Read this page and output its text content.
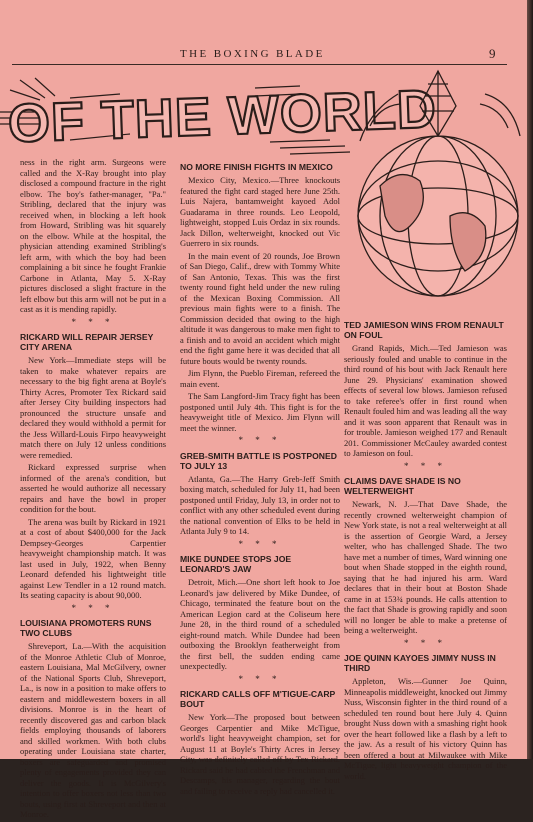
THE BOXING BLADE	9
OF THE WORLD

ness in the right arm. Surgeons were called and the X-Ray brought into play disclosed a compound fracture in the right elbow. The boy's father-manager, "Pa." Stribling, declared that the injury was received when, in blocking a left hook from Howard, Stribling was hit squarely on the elbow. While at the hospital, the physician attending examined Stribling's left arm, with which the boy had been complaining a bit since he fought Frankie Carbone in Atlanta, May 5. X-Ray pictures disclosed a slight fracture in the left elbow but this arm will not be put in a cast as it is mending rapidly.

* * *
RICKARD WILL REPAIR JERSEY CITY ARENA

New York—Immediate steps will be taken to make whatever repairs are necessary to the big fight arena at Boyle's Thirty Acres, Promoter Tex Rickard said after Jersey City building inspectors had pronounced the structure unsafe and declared they would withhold a permit for the Jess Willard-Louis Firpo heavyweight match there on July 12 unless conditions were remedied.

Rickard expressed surprise when informed of the arena's condition, but asserted he would authorize all necessary repairs and have the bowl in proper condition for the bout.

The arena was built by Rickard in 1921 at a cost of about $400,000 for the Jack Dempsey-Georges Carpentier heavyweight championship match. It was last used in July, 1922, when Benny Leonard defended his lightweight title against Lew Tendler in a 12 round match. Its seating capacity is about 90,000.

* * *
LOUISIANA PROMOTERS RUNS TWO CLUBS

Shreveport, La.—With the acquisition of the Monroe Athletic Club of Monroe, eastern Louisiana, Mal McGilvery, owner of the National Sports Club, Shreveport, La., is now in a position to make offers to eastern and middlewestern boxers in all divisions. Monroe is in the heart of recently discovered gas and carbon black fields employing thousands of laborers and skilled workmen. With both clubs operating under Louisiana state charter, boxers are safeguarded and promised plenty of engagements provided they can deliver the goods. It is McGilvery's intention to offer boxers not less than two bouts, using first at Shreveport and then at Monroe.

NO MORE FINISH FIGHTS IN MEXICO

Mexico City, Mexico.—Three knockouts featured the fight card staged here June 25th. Luis Najera, bantamweight kayoed Adol Guadarama in three rounds. Leo Leopold, lightweight, stopped Luis Ordaz in six rounds. Jack Dillon, welterweight, knocked out Vic Guerrero in six rounds.

In the main event of 20 rounds, Joe Brown of San Diego, Calif., drew with Tommy White of San Antonio, Texas. This was the first twenty round fight held under the new ruling of the Mexican Boxing Commission. All previous main fights were to a finish. The Commission decided that owing to the high altitude it was dangerous to make men fight to a finish and to avoid an accident which might end the fight game here it was decided that all future bouts would be twenty rounds.

Jim Flynn, the Pueblo Fireman, refereed the main event.

The Sam Langford-Jim Tracy fight has been postponed until July 4th. This fight is for the heavyweight title of Mexico. Jim Flynn will meet the winner.

* * *
GREB-SMITH BATTLE IS POSTPONED TO JULY 13

Atlanta, Ga.—The Harry Greb-Jeff Smith boxing match, scheduled for July 11, had been postponed until Friday, July 13, in order not to conflict with any other scheduled event during the national convention of Elks to be held in Atlanta July 9 to 14.

* * *
MIKE DUNDEE STOPS JOE LEONARD'S JAW

Detroit, Mich.—One short left hook to Joe Leonard's jaw delivered by Mike Dundee, of Chicago, terminated the feature bout on the American Legion card at the Coliseum here June 28, in the third round of a scheduled eight-round match. While Dundee had been outboxing the Brooklyn featherweight from the first bell, the sudden ending came unexpectedly.

* * *
RICKARD CALLS OFF M'TIGUE-CARP BOUT

New York—The proposed bout between Georges Carpentier and Mike McTigue, world's light heavyweight champion, set for August 11 at Boyle's Thirty Acres in Jersey City, was definitely called off by Tex Rickard. Rickard said he had cabled the Frenchman and Descamps, his manager, regarding the bout and failing to receive a reply had cancelled it.

TED JAMIESON WINS FROM RENAULT ON FOUL

Grand Rapids, Mich.—Ted Jamieson was seriously fouled and unable to continue in the third round of his bout with Jack Renault here June 29. Physicians' examination showed effects of several low blows. Jamieson refused to take referee's offer in first round when Renault fouled him and was leading all the way and it was soon apparent that Renault was in for trouble. Jamieson weighed 177 and Renault 201. Commissioner McCauley awarded contest to Jamieson on foul.

* * *
CLAIMS DAVE SHADE IS NO WELTERWEIGHT

Newark, N. J.—That Dave Shade, the recently crowned welterweight champion of New York state, is not a real welterweight at all is the assertion of Georgie Ward, a Jersey welter, who has challenged Shade. The two have met a number of times, Ward winning one bout when Shade stopped in the eighth round, saying that he had injured his arm. Ward declares that in their bout at Boston Shade came in at 153¾ pounds. He calls attention to the fact that Shade is growing rapidly and soon will no longer be able to make a pretense of being a welterweight.

* * *
JOE QUINN KAYOES JIMMY NUSS IN THIRD

Appleton, Wis.—Gunner Joe Quinn, Minneapolis middleweight, knocked out Jimmy Nuss, Wisconsin fighter in the third round of a scheduled ten round bout here July 4. Quinn brought Nuss down with a smashing right hook over the heart followed like a flash by a left to the jaw. As a result of his victory Quinn has been offered a bout at Milwaukee with Mike McTigue, light heavyweight champion of the world.
